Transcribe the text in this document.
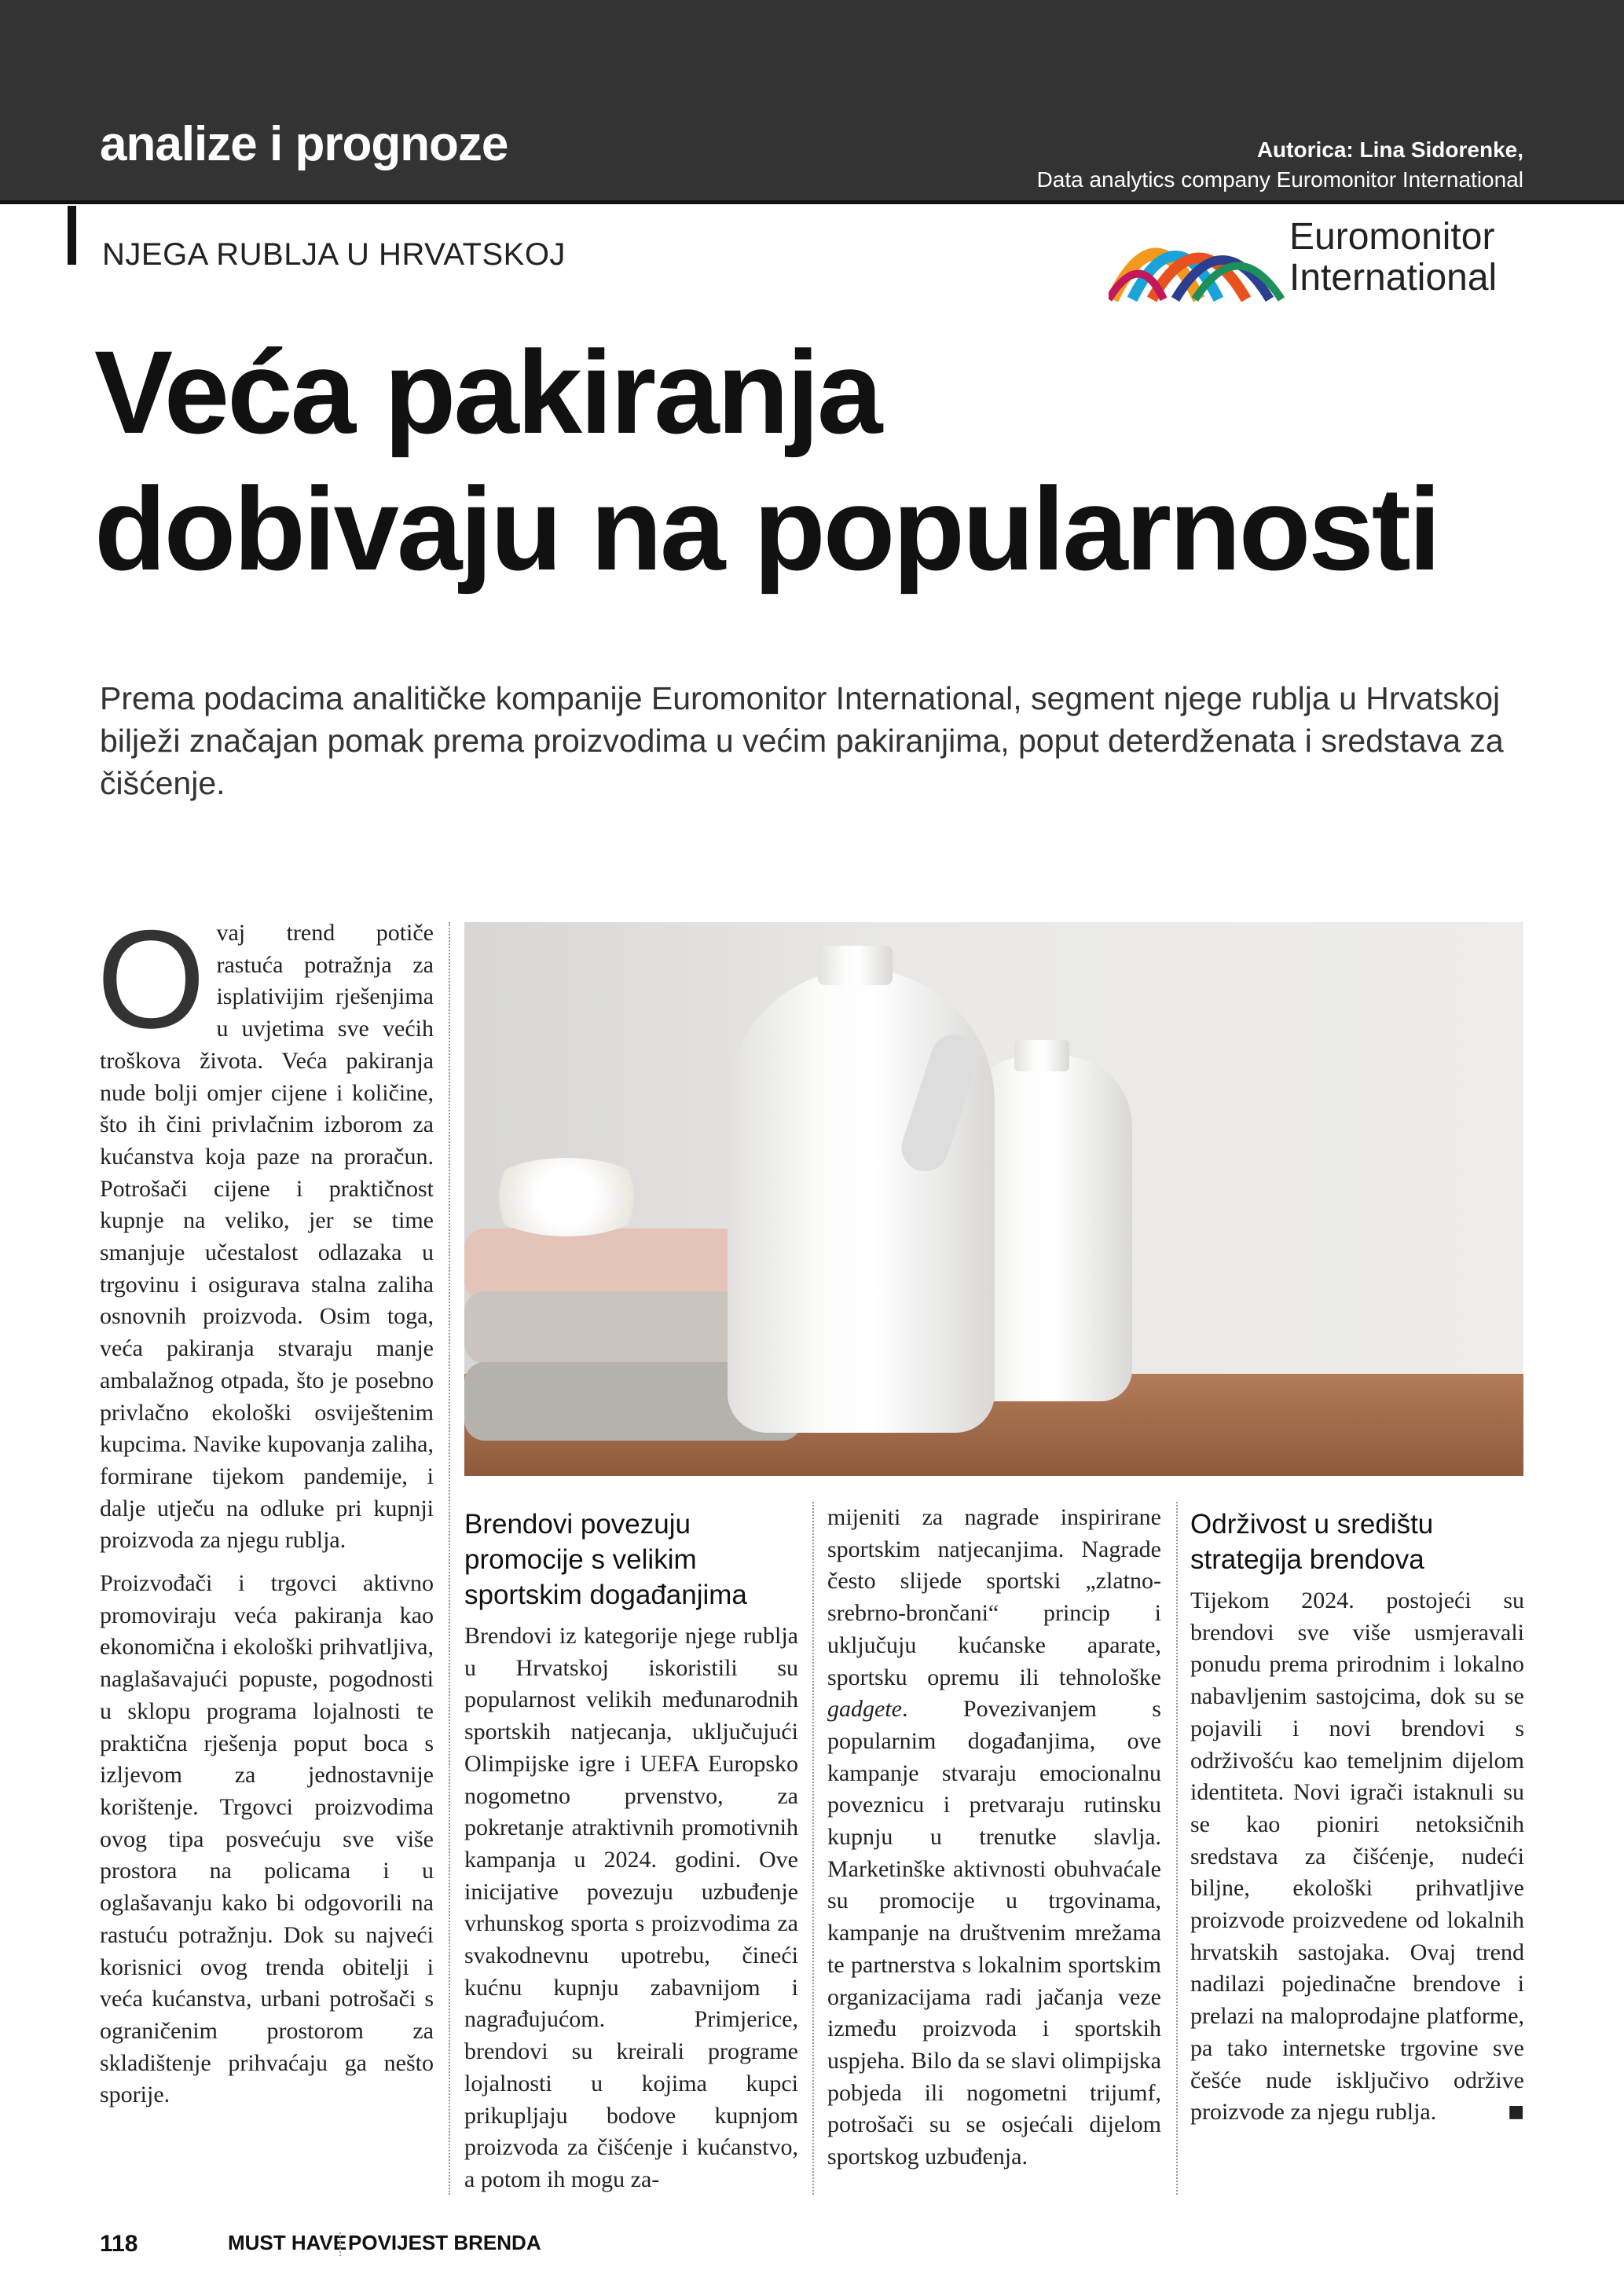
analize i prognoze	Autorica: Lina Sidorenke,
Data analytics company Euromonitor International
NJEGA RUBLJA U HRVATSKOJ	Euromonitor
International
Veća pakiranja
dobivaju na popularnosti

Prema podacima analitičke kompanije Euromonitor International, segment njege rublja u Hrvatskoj bilježi značajan pomak prema proizvodima u većim pakiranjima, poput deterdženata i sredstava za čišćenje.

Ovaj trend potiče rastuća potražnja za isplativijim rješenjima u uvjetima sve većih troškova života. Veća pakiranja nude bolji omjer cijene i količine, što ih čini privlačnim izborom za kućanstva koja paze na proračun. Potrošači cijene i praktičnost kupnje na veliko, jer se time smanjuje učestalost odlazaka u trgovinu i osigurava stalna zaliha osnovnih proizvoda. Osim toga, veća pakiranja stvaraju manje ambalažnog otpada, što je posebno privlačno ekološki osviještenim kupcima. Navike kupovanja zaliha, formirane tijekom pandemije, i dalje utječu na odluke pri kupnji proizvoda za njegu rublja.

Proizvođači i trgovci aktivno promoviraju veća pakiranja kao ekonomična i ekološki prihvatljiva, naglašavajući popuste, pogodnosti u sklopu programa lojalnosti te praktična rješenja poput boca s izljevom za jednostavnije korištenje. Trgovci proizvodima ovog tipa posvećuju sve više prostora na policama i u oglašavanju kako bi odgovorili na rastuću potražnju. Dok su najveći korisnici ovog trenda obitelji i veća kućanstva, urbani potrošači s ograničenim prostorom za skladištenje prihvaćaju ga nešto sporije.

Brendovi povezuju promocije s velikim sportskim događanjima

Brendovi iz kategorije njege rublja u Hrvatskoj iskoristili su popularnost velikih međunarodnih sportskih natjecanja, uključujući Olimpijske igre i UEFA Europsko nogometno prvenstvo, za pokretanje atraktivnih promotivnih kampanja u 2024. godini. Ove inicijative povezuju uzbuđenje vrhunskog sporta s proizvodima za svakodnevnu upotrebu, čineći kućnu kupnju zabavnijom i nagrađujućom. Primjerice, brendovi su kreirali programe lojalnosti u kojima kupci prikupljaju bodove kupnjom proizvoda za čišćenje i kućanstvo, a potom ih mogu za-

mijeniti za nagrade inspirirane sportskim natjecanjima. Nagrade često slijede sportski „zlatno-srebrno-brončani“ princip i uključuju kućanske aparate, sportsku opremu ili tehnološke gadgete. Povezivanjem s popularnim događanjima, ove kampanje stvaraju emocionalnu poveznicu i pretvaraju rutinsku kupnju u trenutke slavlja. Marketinške aktivnosti obuhvaćale su promocije u trgovinama, kampanje na društvenim mrežama te partnerstva s lokalnim sportskim organizacijama radi jačanja veze između proizvoda i sportskih uspjeha. Bilo da se slavi olimpijska pobjeda ili nogometni trijumf, potrošači su se osjećali dijelom sportskog uzbuđenja.

Održivost u središtu strategija brendova

Tijekom 2024. postojeći su brendovi sve više usmjeravali ponudu prema prirodnim i lokalno nabavljenim sastojcima, dok su se pojavili i novi brendovi s održivošću kao temeljnim dijelom identiteta. Novi igrači istaknuli su se kao pioniri netoksičnih sredstava za čišćenje, nudeći biljne, ekološki prihvatljive proizvode proizvedene od lokalnih hrvatskih sastojaka. Ovaj trend nadilazi pojedinačne brendove i prelazi na maloprodajne platforme, pa tako internetske trgovine sve češće nude isključivo održive proizvode za njegu rublja.	■

118	MUST HAVE POVIJEST BRENDA
